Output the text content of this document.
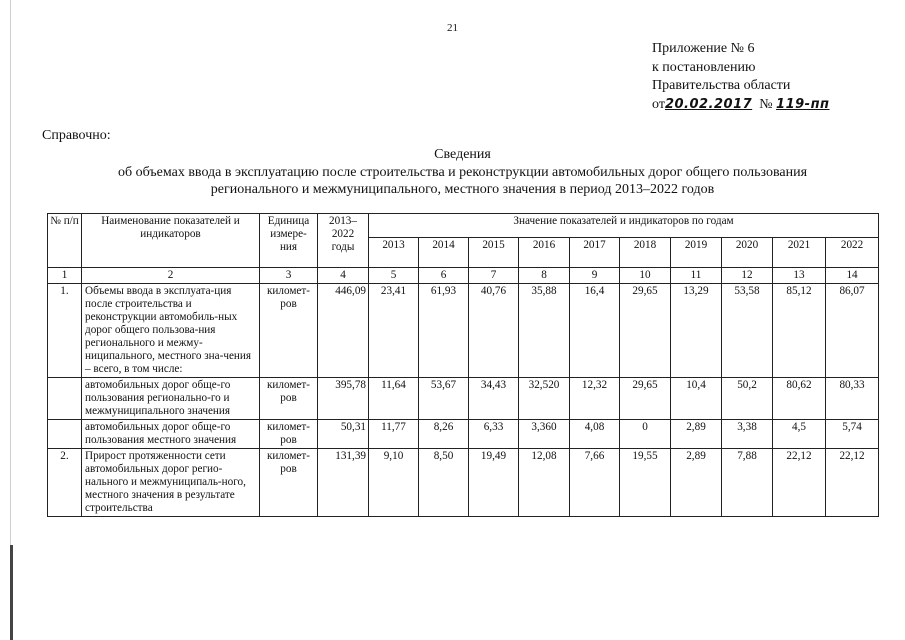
21
Приложение № 6
к постановлению
Правительства области
от20.02.2017 № 119-пп
Справочно:
Сведения
об объемах ввода в эксплуатацию после строительства и реконструкции автомобильных дорог общего пользования
регионального и межмуниципального, местного значения в период 2013–2022 годов
№ п/п	Наименование показателей и индикаторов	Единица измере-ния	2013–2022 годы	Значение показателей и индикаторов по годам									
				2013	2014	2015	2016	2017	2018	2019	2020	2021	2022
1	2	3	4	5	6	7	8	9	10	11	12	13	14
1.	Объемы ввода в эксплуата-ция после строительства и реконструкции автомобиль-ных дорог общего пользова-ния регионального и межму-ниципального, местного зна-чения – всего, в том числе:	километ-ров	446,09	23,41	61,93	40,76	35,88	16,4	29,65	13,29	53,58	85,12	86,07
	автомобильных дорог обще-го пользования регионально-го и межмуниципального значения	километ-ров	395,78	11,64	53,67	34,43	32,520	12,32	29,65	10,4	50,2	80,62	80,33
	автомобильных дорог обще-го пользования местного значения	километ-ров	50,31	11,77	8,26	6,33	3,360	4,08	0	2,89	3,38	4,5	5,74
2.	Прирост протяженности сети автомобильных дорог регио-нального и межмуниципаль-ного, местного значения в результате строительства	километ-ров	131,39	9,10	8,50	19,49	12,08	7,66	19,55	2,89	7,88	22,12	22,12
